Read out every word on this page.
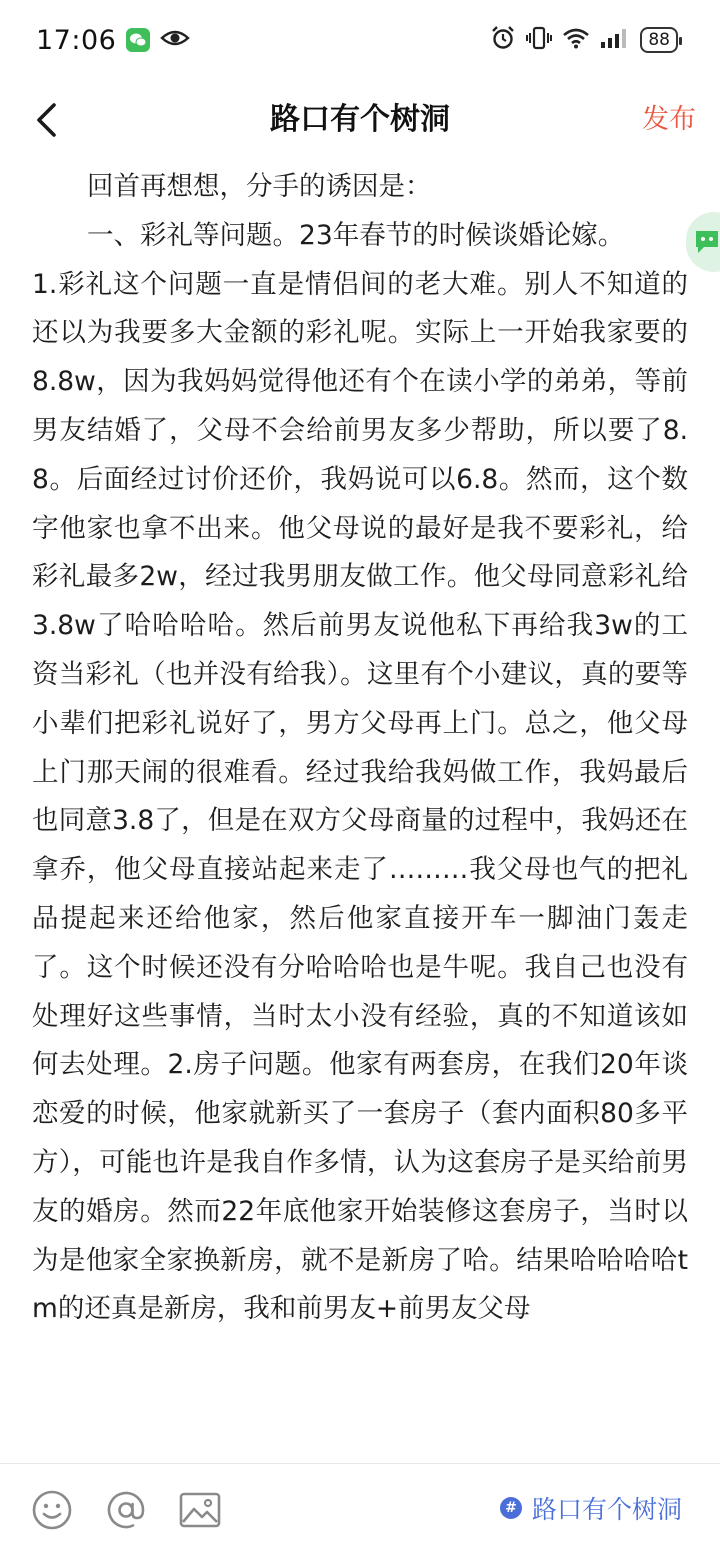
17:06	88
路口有个树洞	发布

回首再想想，分手的诱因是：

一、彩礼等问题。23年春节的时候谈婚论嫁。

1.彩礼这个问题一直是情侣间的老大难。别人不知道的还以为我要多大金额的彩礼呢。实际上一开始我家要的8.8w，因为我妈妈觉得他还有个在读小学的弟弟，等前男友结婚了，父母不会给前男友多少帮助，所以要了8.8。后面经过讨价还价，我妈说可以6.8。然而，这个数字他家也拿不出来。他父母说的最好是我不要彩礼，给彩礼最多2w，经过我男朋友做工作。他父母同意彩礼给3.8w了哈哈哈哈。然后前男友说他私下再给我3w的工资当彩礼（也并没有给我）。这里有个小建议，真的要等小辈们把彩礼说好了，男方父母再上门。总之，他父母上门那天闹的很难看。经过我给我妈做工作，我妈最后也同意3.8了，但是在双方父母商量的过程中，我妈还在拿乔，他父母直接站起来走了………我父母也气的把礼品提起来还给他家，然后他家直接开车一脚油门轰走了。这个时候还没有分哈哈哈也是牛呢。我自己也没有处理好这些事情，当时太小没有经验，真的不知道该如何去处理。2.房子问题。他家有两套房，在我们20年谈恋爱的时候，他家就新买了一套房子（套内面积80多平方），可能也许是我自作多情，认为这套房子是买给前男友的婚房。然而22年底他家开始装修这套房子，当时以为是他家全家换新房，就不是新房了哈。结果哈哈哈哈tm的还真是新房，我和前男友+前男友父母

# 路口有个树洞
